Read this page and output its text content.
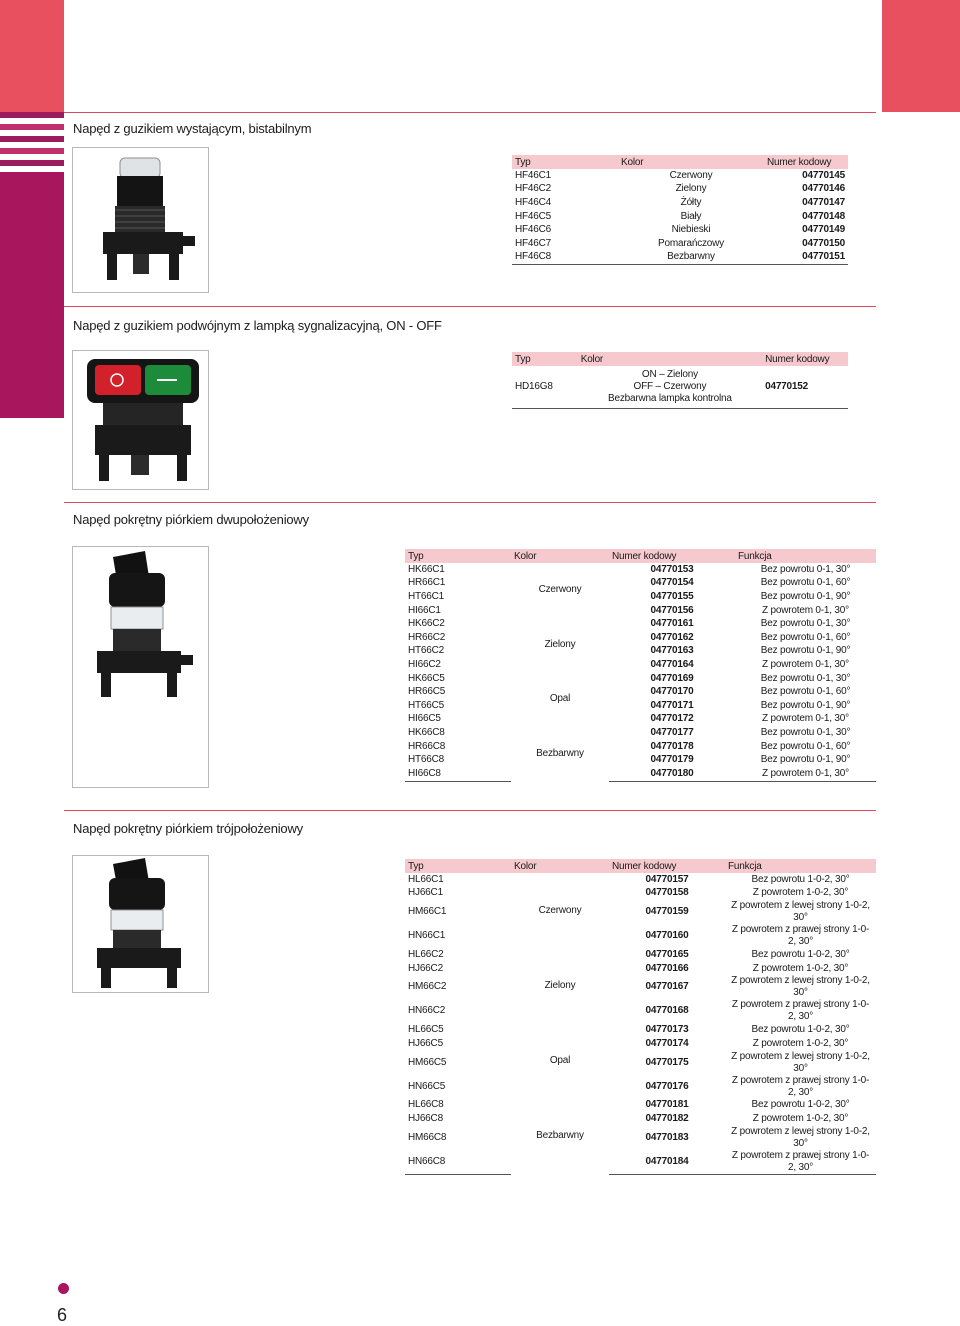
Napęd z guzikiem wystającym, bistabilnym
Typ	Kolor	Numer kodowy
HF46C1	Czerwony	04770145
HF46C2	Zielony	04770146
HF46C4	Żółty	04770147
HF46C5	Biały	04770148
HF46C6	Niebieski	04770149
HF46C7	Pomarańczowy	04770150
HF46C8	Bezbarwny	04770151
Napęd z guzikiem podwójnym z lampką sygnalizacyjną, ON - OFF
Typ	Kolor	Numer kodowy
HD16G8	ON – Zielony
OFF – Czerwony
Bezbarwna lampka kontrolna	04770152
Napęd pokrętny piórkiem dwupołożeniowy
Typ	Kolor	Numer kodowy	Funkcja
HK66C1	Czerwony	04770153	Bez powrotu 0-1, 30°
HR66C1		04770154	Bez powrotu 0-1, 60°
HT66C1		04770155	Bez powrotu 0-1, 90°
HI66C1		04770156	Z powrotem 0-1, 30°
HK66C2	Zielony	04770161	Bez powrotu 0-1, 30°
HR66C2		04770162	Bez powrotu 0-1, 60°
HT66C2		04770163	Bez powrotu 0-1, 90°
HI66C2		04770164	Z powrotem 0-1, 30°
HK66C5	Opal	04770169	Bez powrotu 0-1, 30°
HR66C5		04770170	Bez powrotu 0-1, 60°
HT66C5		04770171	Bez powrotu 0-1, 90°
HI66C5		04770172	Z powrotem 0-1, 30°
HK66C8	Bezbarwny	04770177	Bez powrotu 0-1, 30°
HR66C8		04770178	Bez powrotu 0-1, 60°
HT66C8		04770179	Bez powrotu 0-1, 90°
HI66C8		04770180	Z powrotem 0-1, 30°
Napęd pokrętny piórkiem trójpołożeniowy
Typ	Kolor	Numer kodowy	Funkcja
HL66C1	Czerwony	04770157	Bez powrotu 1-0-2, 30°
HJ66C1		04770158	Z powrotem 1-0-2, 30°
HM66C1		04770159	Z powrotem z lewej strony 1-0-2, 30°
HN66C1		04770160	Z powrotem z prawej strony 1-0-2, 30°
HL66C2	Zielony	04770165	Bez powrotu 1-0-2, 30°
HJ66C2		04770166	Z powrotem 1-0-2, 30°
HM66C2		04770167	Z powrotem z lewej strony 1-0-2, 30°
HN66C2		04770168	Z powrotem z prawej strony 1-0-2, 30°
HL66C5	Opal	04770173	Bez powrotu 1-0-2, 30°
HJ66C5		04770174	Z powrotem 1-0-2, 30°
HM66C5		04770175	Z powrotem z lewej strony 1-0-2, 30°
HN66C5		04770176	Z powrotem z prawej strony 1-0-2, 30°
HL66C8	Bezbarwny	04770181	Bez powrotu 1-0-2, 30°
HJ66C8		04770182	Z powrotem 1-0-2, 30°
HM66C8		04770183	Z powrotem z lewej strony 1-0-2, 30°
HN66C8		04770184	Z powrotem z prawej strony 1-0-2, 30°
6
